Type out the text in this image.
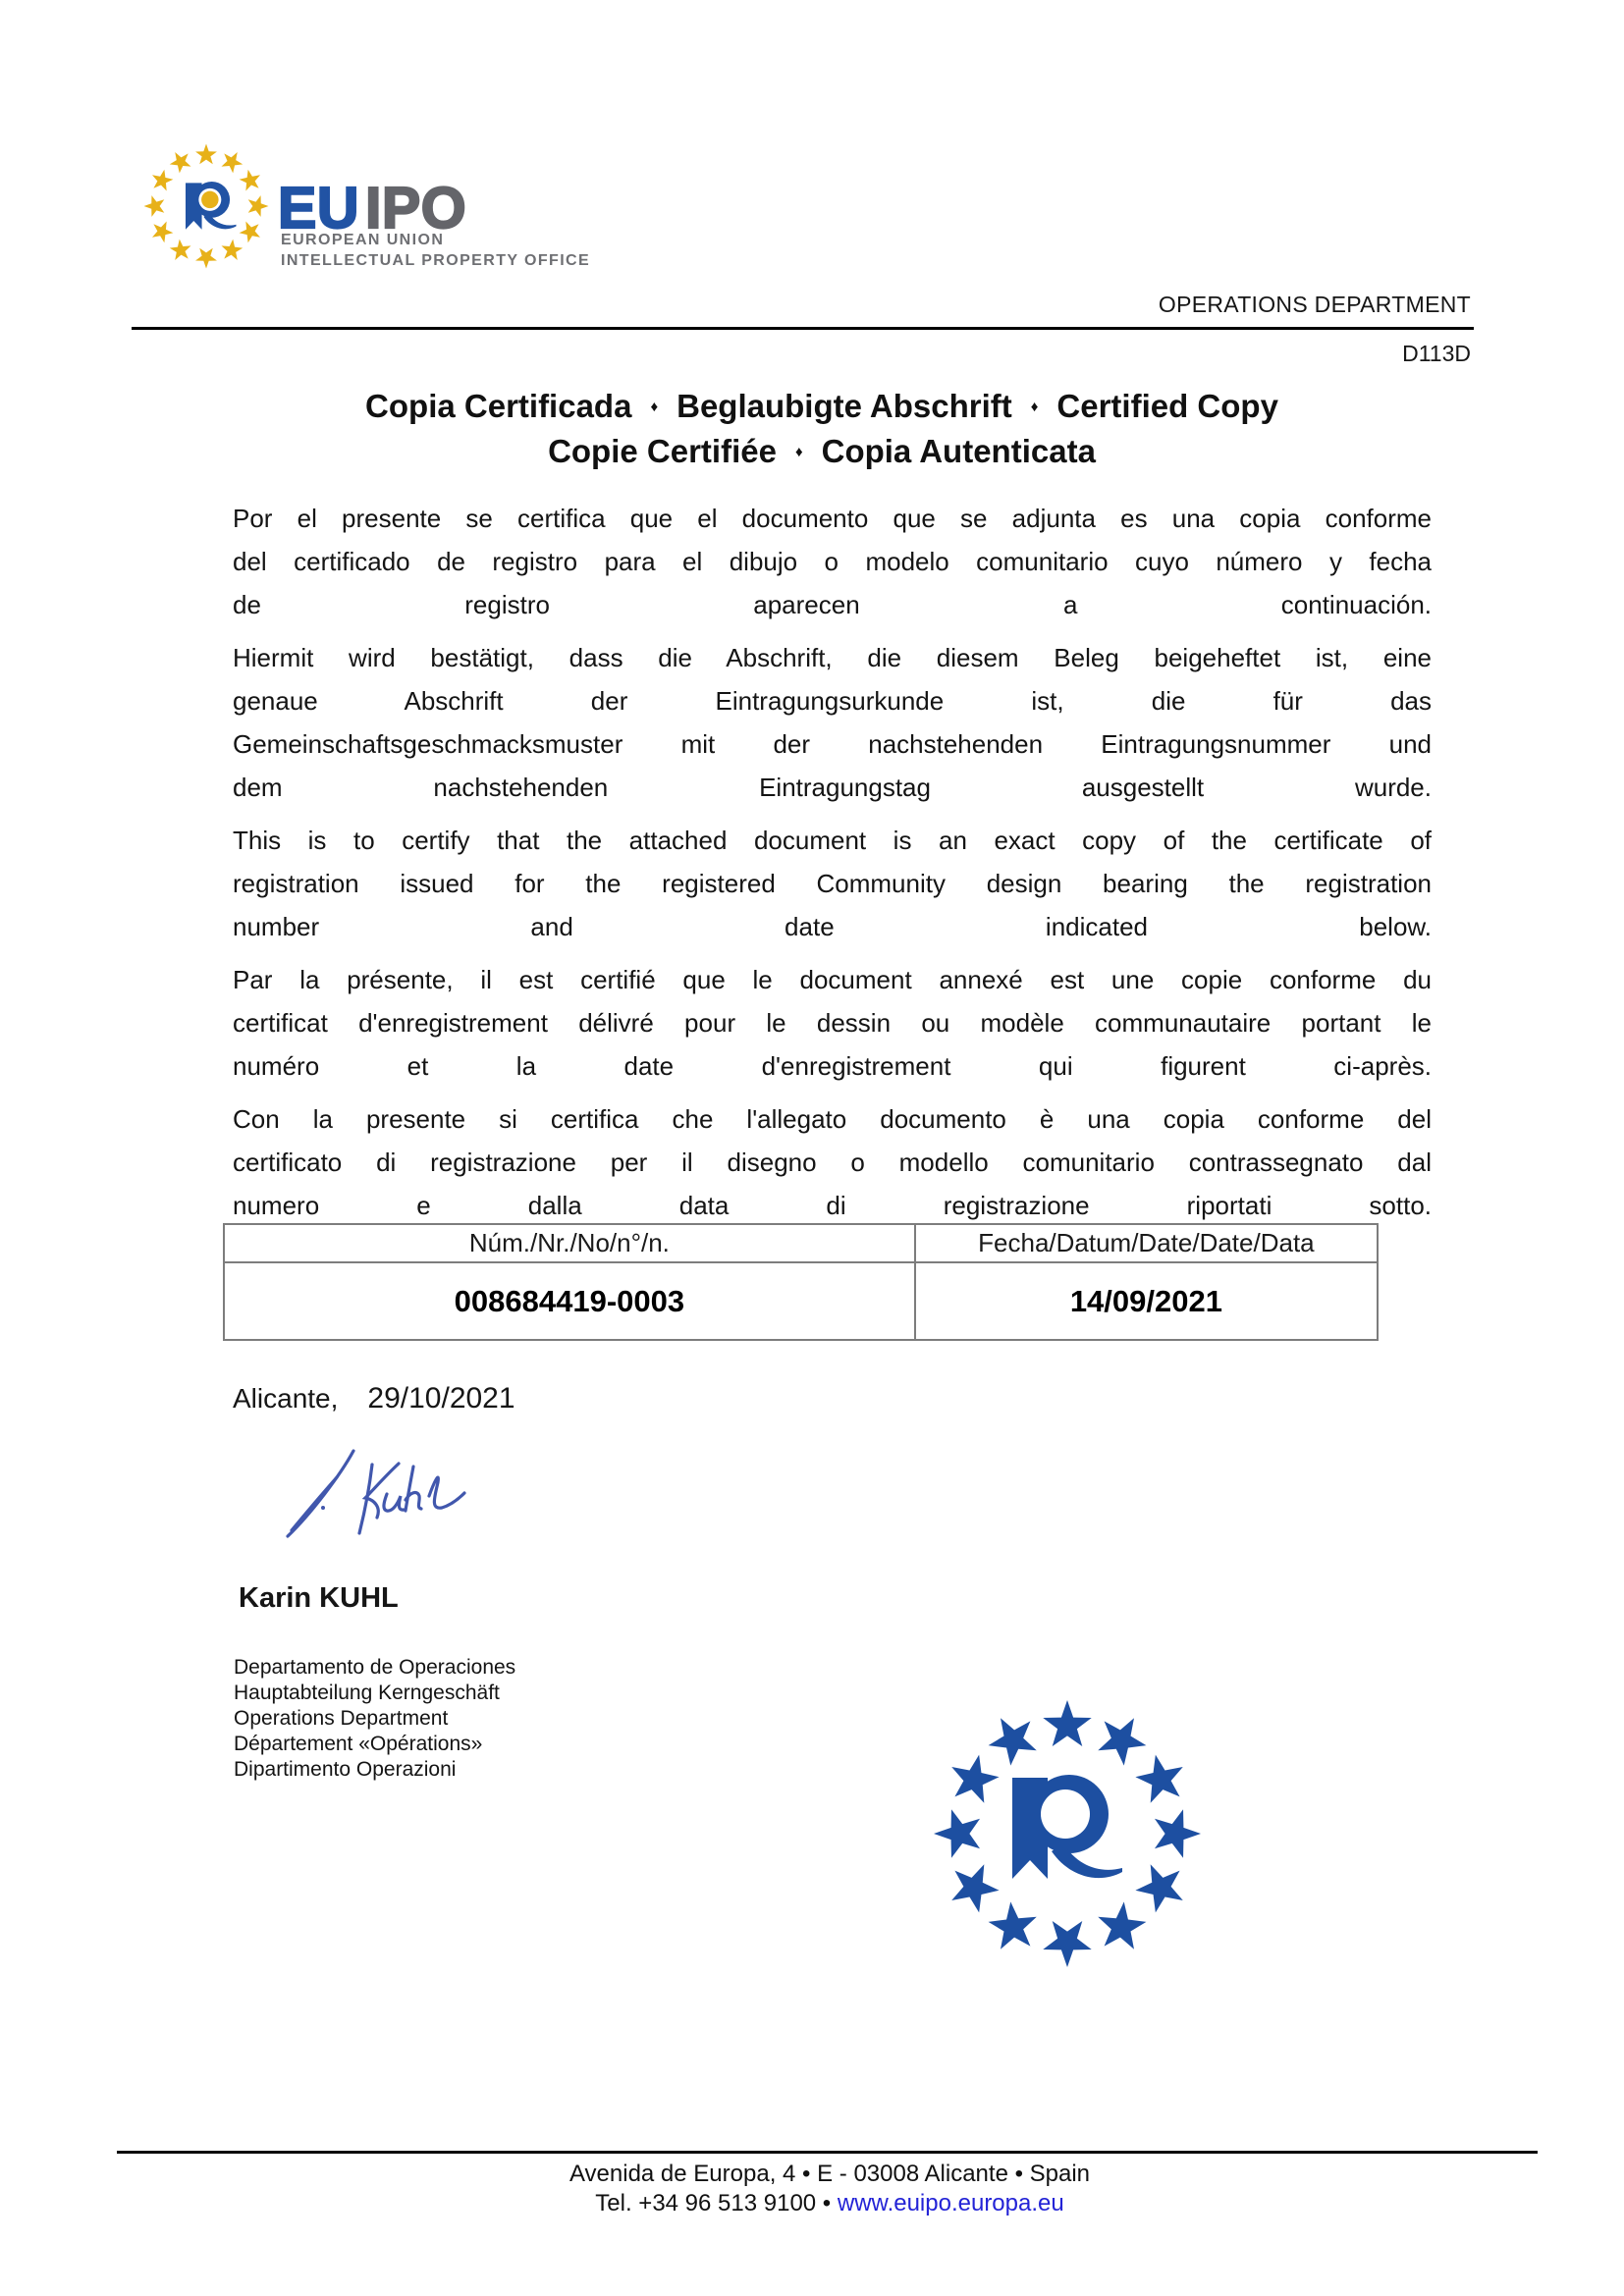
EU IPO
EUROPEAN UNION
INTELLECTUAL PROPERTY OFFICE
OPERATIONS DEPARTMENT
D113D
Copia Certificada ♦ Beglaubigte Abschrift ♦ Certified Copy
Copie Certifiée ♦ Copia Autenticata
Por el presente se certifica que el documento que se adjunta es una copia conforme
del certificado de registro para el dibujo o modelo comunitario cuyo número y fecha
de registro aparecen a continuación.
Hiermit wird bestätigt, dass die Abschrift, die diesem Beleg beigeheftet ist, eine
genaue Abschrift der Eintragungsurkunde ist, die für das
Gemeinschaftsgeschmacksmuster mit der nachstehenden Eintragungsnummer und
dem nachstehenden Eintragungstag ausgestellt wurde.
This is to certify that the attached document is an exact copy of the certificate of
registration issued for the registered Community design bearing the registration
number and date indicated below.
Par la présente, il est certifié que le document annexé est une copie conforme du
certificat d'enregistrement délivré pour le dessin ou modèle communautaire portant le
numéro et la date d'enregistrement qui figurent ci-après.
Con la presente si certifica che l'allegato documento è una copia conforme del
certificato di registrazione per il disegno o modello comunitario contrassegnato dal
numero e dalla data di registrazione riportati sotto.
Núm./Nr./No/n°/n.	Fecha/Datum/Date/Date/Data
008684419-0003	14/09/2021
Alicante, 29/10/2021
Karin KUHL
Departamento de Operaciones
Hauptabteilung Kerngeschäft
Operations Department
Département «Opérations»
Dipartimento Operazioni
Avenida de Europa, 4 • E - 03008 Alicante • Spain
Tel. +34 96 513 9100 • www.euipo.europa.eu
